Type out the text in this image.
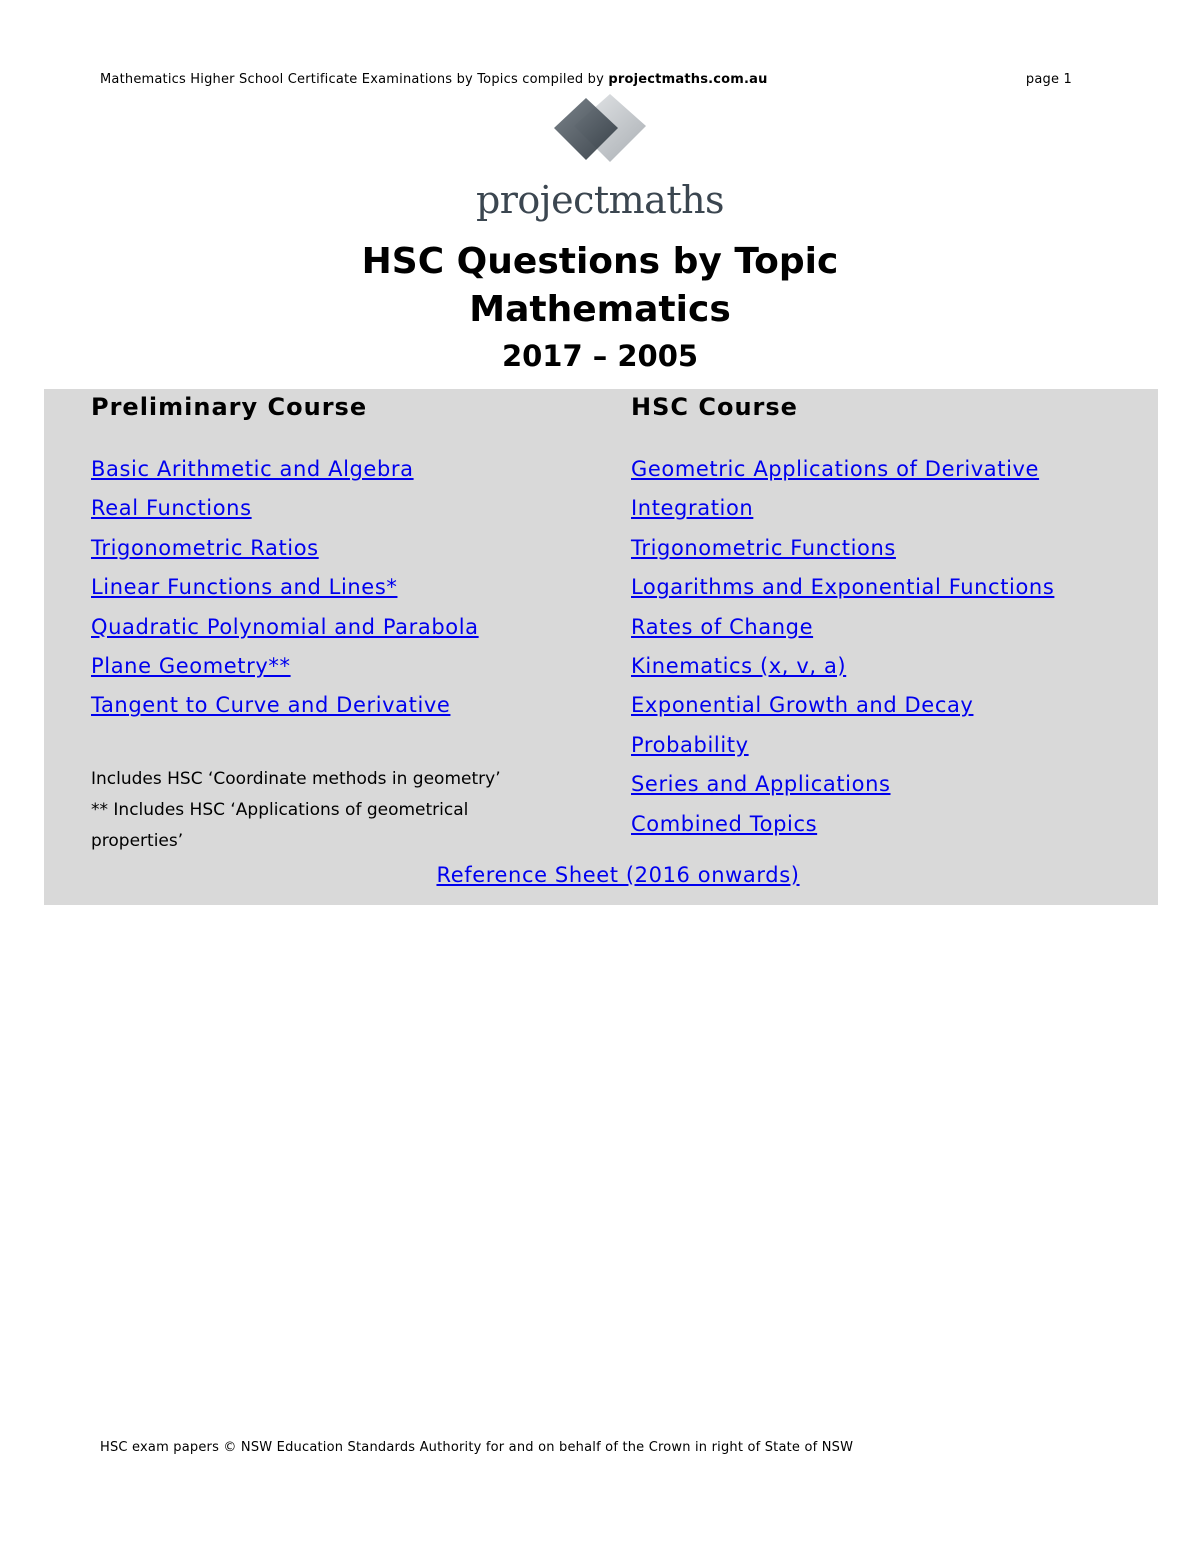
Mathematics Higher School Certificate Examinations by Topics compiled by projectmaths.com.au	page 1
projectmaths
HSC Questions by Topic
Mathematics
2017 – 2005
Preliminary Course
Basic Arithmetic and Algebra
Real Functions
Trigonometric Ratios
Linear Functions and Lines*
Quadratic Polynomial and Parabola
Plane Geometry**
Tangent to Curve and Derivative
Includes HSC ‘Coordinate methods in geometry’
** Includes HSC ‘Applications of geometrical properties’
HSC Course
Geometric Applications of Derivative
Integration
Trigonometric Functions
Logarithms and Exponential Functions
Rates of Change
Kinematics (x, v, a)
Exponential Growth and Decay
Probability
Series and Applications
Combined Topics
Reference Sheet (2016 onwards)
HSC exam papers © NSW Education Standards Authority for and on behalf of the Crown in right of State of NSW
